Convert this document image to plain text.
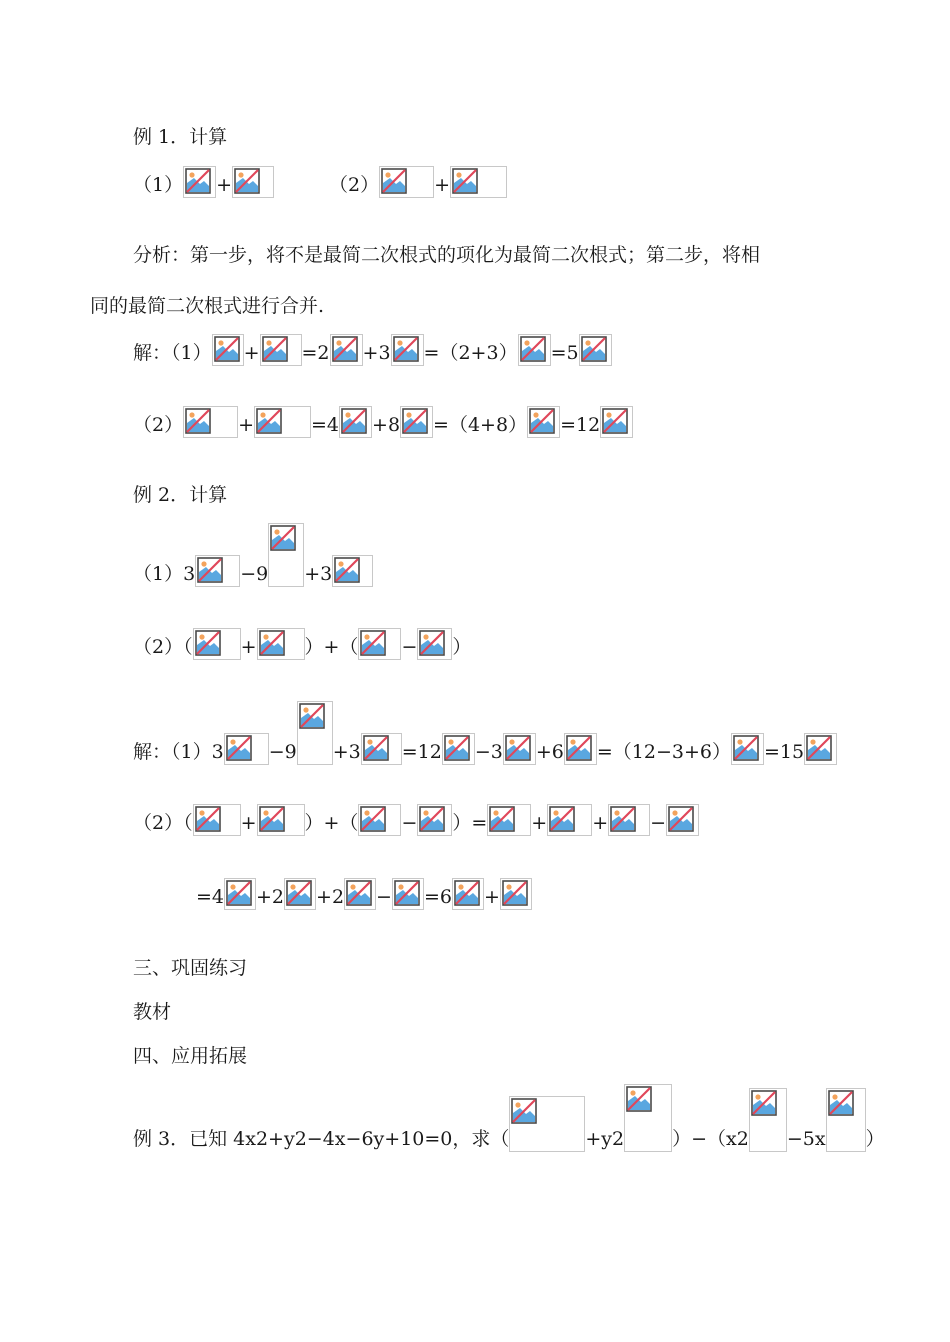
例 1．计算
（1） +	（2）	+
分析：第一步，将不是最简二次根式的项化为最简二次根式；第二步，将相
同的最简二次根式进行合并.
解：（1） + =2 +3 =（2+3） =5
（2）	+	=4 +8 =（4+8） =12
例 2．计算
（1）3 −9 +3
（2）（	+	）+（ − ）
解：（1）3 −9 +3 =12 −3 +6 =（12−3+6） =15
（2）（	+	）+（ − ）= + + −
=4 +2 +2 − =6 +
三、巩固练习
教材
四、应用拓展
例 3．已知 4x2+y2−4x−6y+10=0，求（	+y2	）−（x2 −5x ）
